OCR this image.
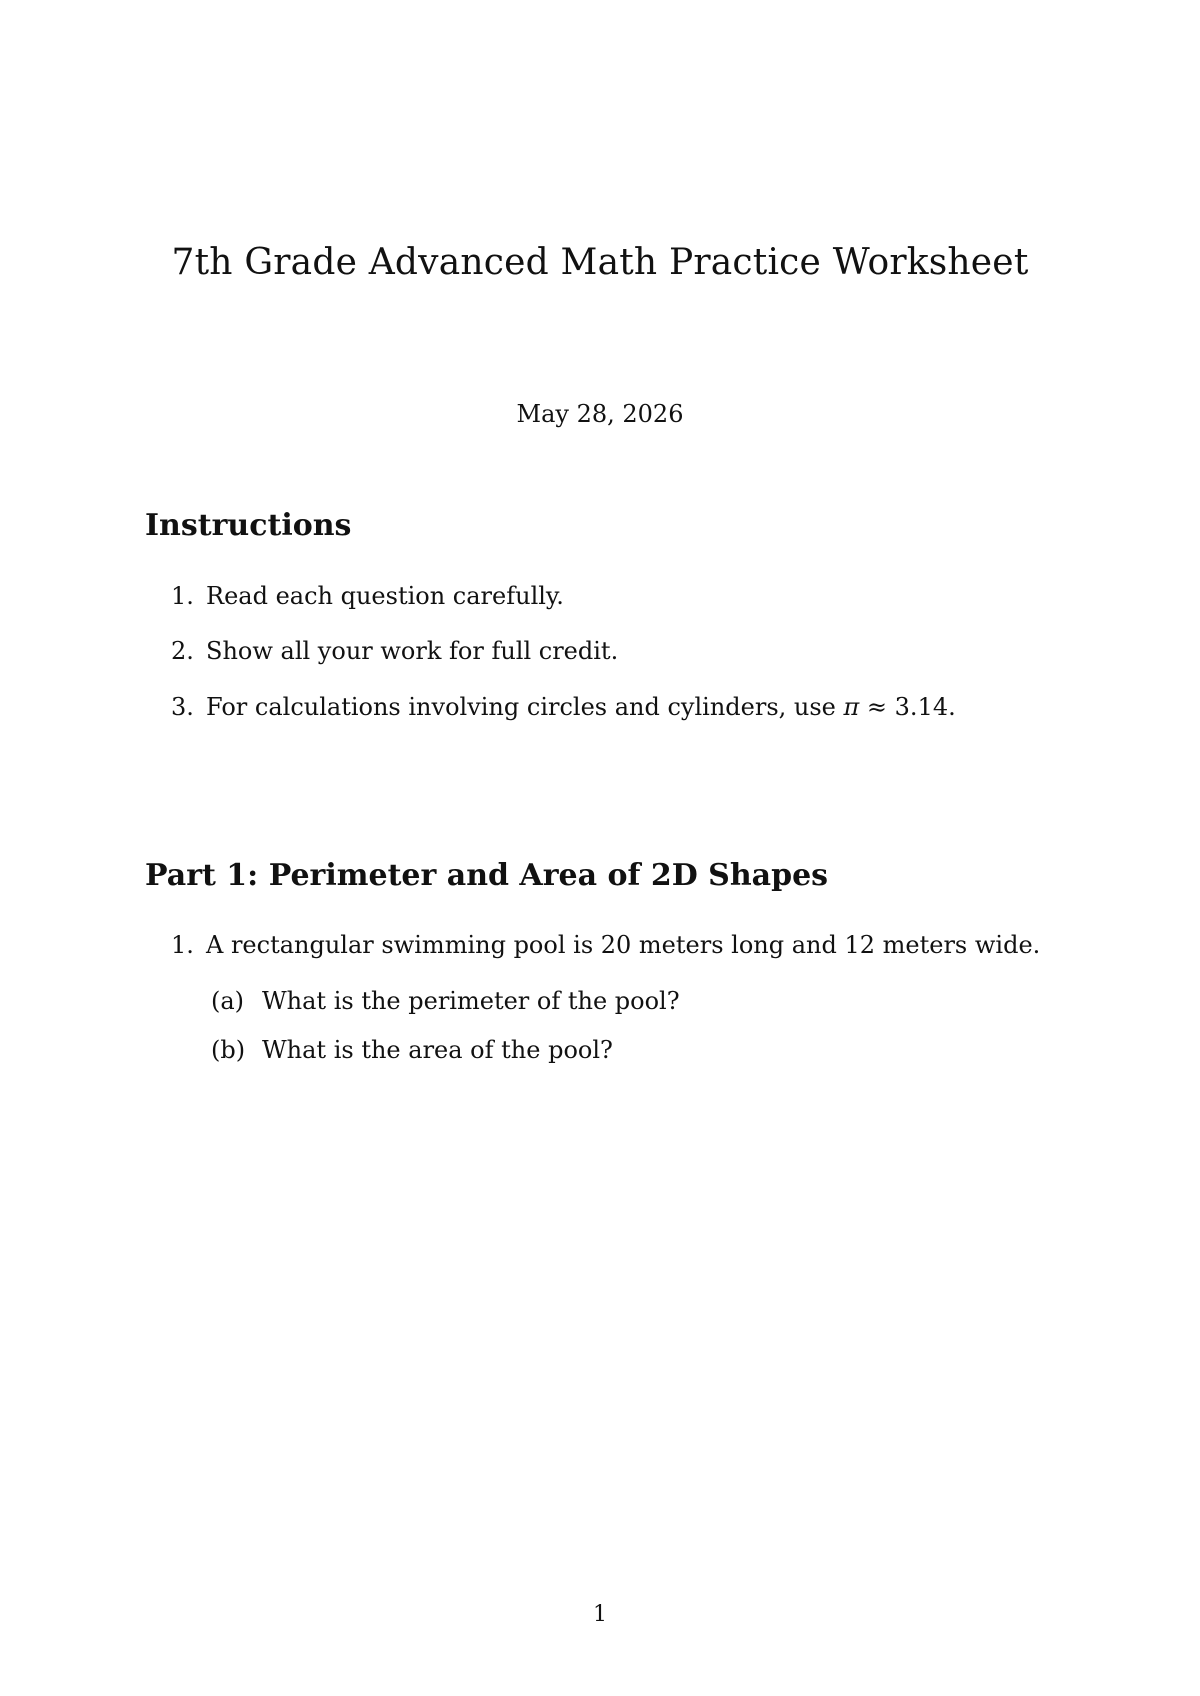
7th Grade Advanced Math Practice Worksheet
May 28, 2026
Instructions
1. Read each question carefully.
2. Show all your work for full credit.
3. For calculations involving circles and cylinders, use π ≈ 3.14.
Part 1: Perimeter and Area of 2D Shapes
1. A rectangular swimming pool is 20 meters long and 12 meters wide.
(a) What is the perimeter of the pool?
(b) What is the area of the pool?
1
